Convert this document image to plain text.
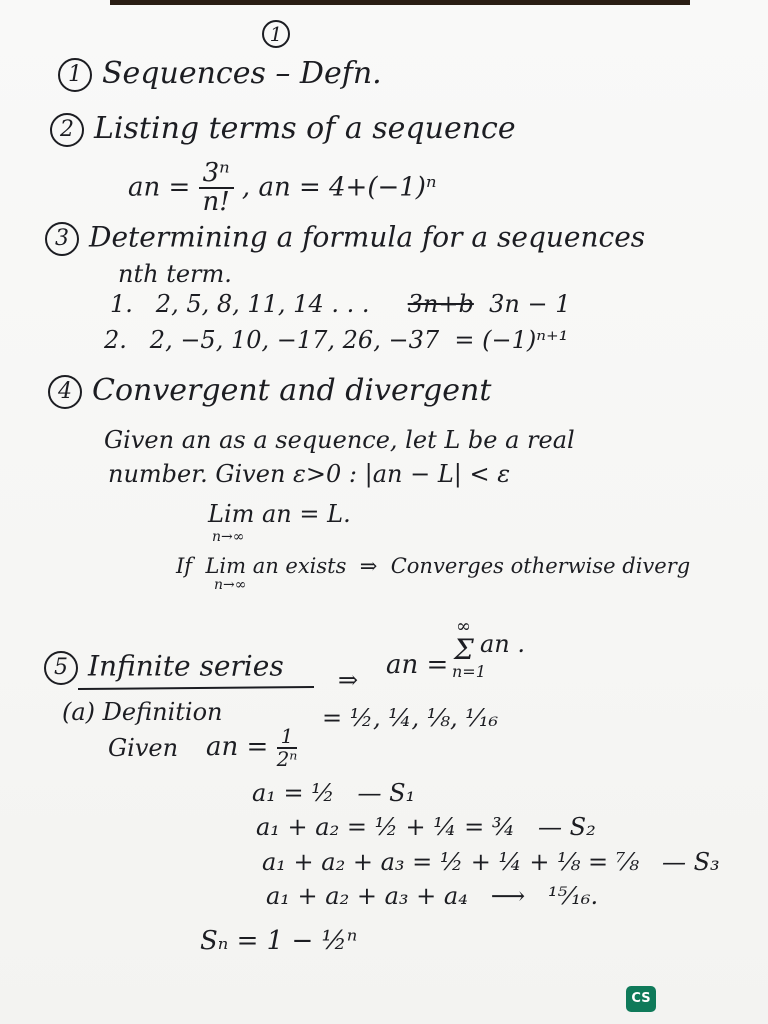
1
1 Sequences – Defn.
2 Listing terms of a sequence
an = $\frac{\text{3ⁿ}}{n!}$ , an = 4+(−1)ⁿ
3 Determining a formula for a sequences
nth term.
1. 2, 5, 8, 11, 14 . . . 3n+b 3n − 1
2. 2, −5, 10, −17, 26, −37 = (−1)ⁿ⁺¹
4 Convergent and divergent
Given an as a sequence, let L be a real
number. Given ε>0 : |an − L| < ε
Lim an = L.
n→∞
If Lim an exists ⇒ Converges otherwise diverg
n→∞
5 Infinite series ⇒ an =
∞
Σ an .
n=1
(a) Definition	= ½, ¼, ⅛, ¹⁄₁₆
Given an = $\frac{1}{\text{2ⁿ}}$
a₁ = ½ — S₁
a₁ + a₂ = ½ + ¼ = ¾ — S₂
a₁ + a₂ + a₃ = ½ + ¼ + ⅛ = ⅞ — S₃
a₁ + a₂ + a₃ + a₄ ⟶ ¹⁵⁄₁₆.
Sₙ = 1 − ½ⁿ
CS
